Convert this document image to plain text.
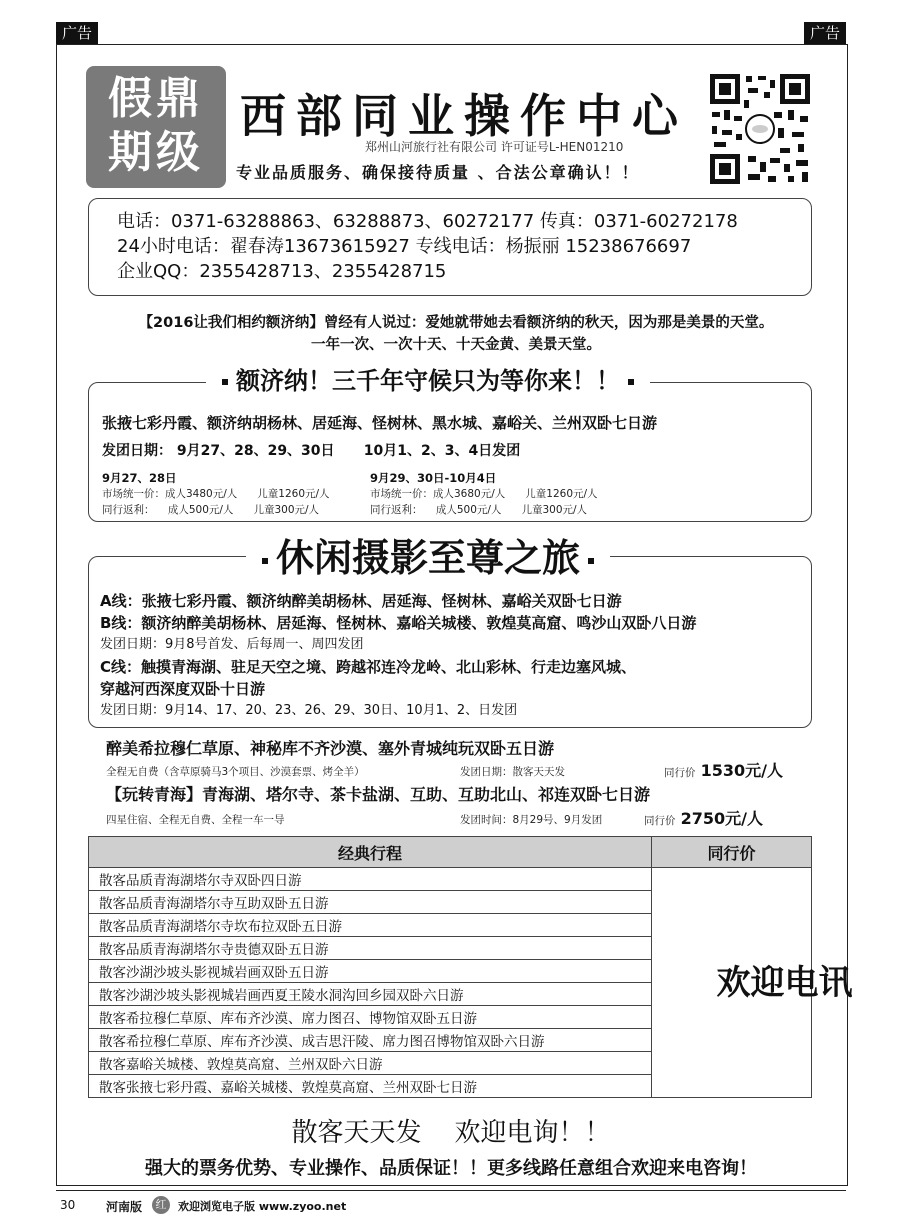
广告	广告
假鼎
期级
西部同业操作中心
郑州山河旅行社有限公司 许可证号L-HEN01210
专业品质服务、确保接待质量 、合法公章确认！！
电话：0371-63288863、63288873、60272177 传真：0371-60272178
24小时电话：翟春涛13673615927 专线电话：杨振丽 15238676697
企业QQ：2355428713、2355428715
【2016让我们相约额济纳】曾经有人说过：爱她就带她去看额济纳的秋天，因为那是美景的天堂。
一年一次、一次十天、十天金黄、美景天堂。
额济纳！三千年守候只为等你来！！
张掖七彩丹霞、额济纳胡杨林、居延海、怪树林、黑水城、嘉峪关、兰州双卧七日游
发团日期： 9月27、28、29、30日      10月1、2、3、4日发团
9月27、28日
市场统一价：成人3480元/人      儿童1260元/人
同行返利：    成人500元/人      儿童300元/人
9月29、30日-10月4日
市场统一价：成人3680元/人      儿童1260元/人
同行返利：    成人500元/人      儿童300元/人
休闲摄影至尊之旅
A线：张掖七彩丹霞、额济纳醉美胡杨林、居延海、怪树林、嘉峪关双卧七日游
B线：额济纳醉美胡杨林、居延海、怪树林、嘉峪关城楼、敦煌莫高窟、鸣沙山双卧八日游
发团日期：9月8号首发、后每周一、周四发团
C线：触摸青海湖、驻足天空之境、跨越祁连冷龙岭、北山彩林、行走边塞风城、
穿越河西深度双卧十日游
发团日期：9月14、17、20、23、26、29、30日、10月1、2、日发团
醉美希拉穆仁草原、神秘库不齐沙漠、塞外青城纯玩双卧五日游
全程无自费（含草原骑马3个项目、沙漠套票、烤全羊）	发团日期：散客天天发	同行价 1530元/人
【玩转青海】青海湖、塔尔寺、茶卡盐湖、互助、互助北山、祁连双卧七日游
四星住宿、全程无自费、全程一车一导	发团时间：8月29号、9月发团	同行价 2750元/人
经典行程	同行价
散客品质青海湖塔尔寺双卧四日游	欢迎电讯

散客品质青海湖塔尔寺互助双卧五日游	
散客品质青海湖塔尔寺坎布拉双卧五日游	
散客品质青海湖塔尔寺贵德双卧五日游	
散客沙湖沙坡头影视城岩画双卧五日游	
散客沙湖沙坡头影视城岩画西夏王陵水洞沟回乡园双卧六日游	
散客希拉穆仁草原、库布齐沙漠、席力图召、博物馆双卧五日游	
散客希拉穆仁草原、库布齐沙漠、成吉思汗陵、席力图召博物馆双卧六日游	
散客嘉峪关城楼、敦煌莫高窟、兰州双卧六日游	
散客张掖七彩丹霞、嘉峪关城楼、敦煌莫高窟、兰州双卧七日游	
散客天天发    欢迎电询！！
强大的票务优势、专业操作、品质保证！！更多线路任意组合欢迎来电咨询！
30	河南版	红	欢迎浏览电子版 www.zyoo.net
